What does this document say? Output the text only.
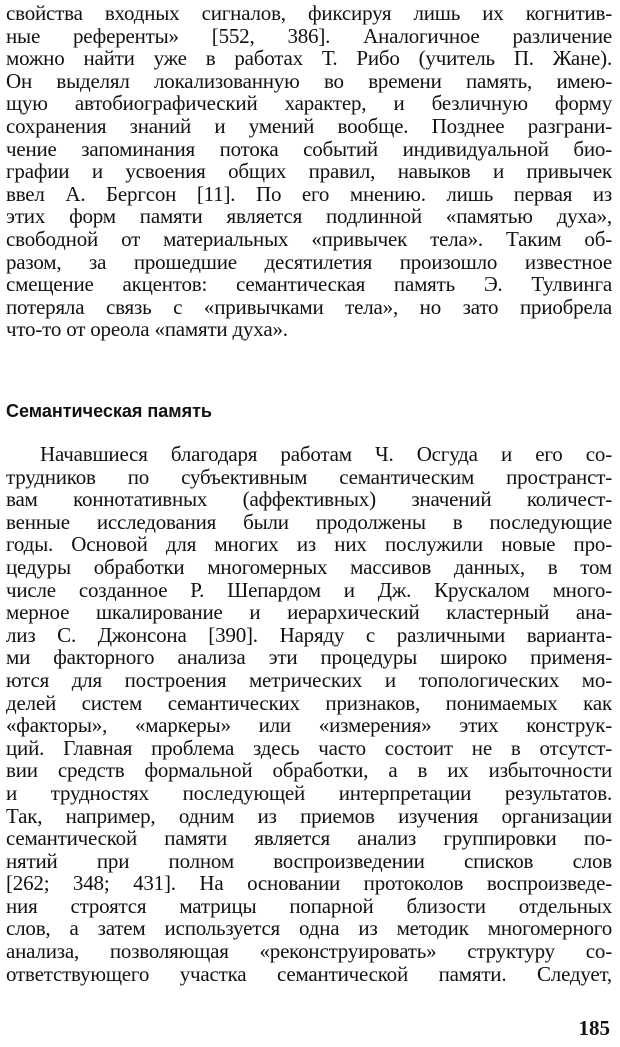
свойства входных сигналов, фиксируя лишь их когнитив-
ные референты» [552, 386]. Аналогичное различение
можно найти уже в работах Т. Рибо (учитель П. Жане).
Он выделял локализованную во времени память, имею-
щую автобиографический характер, и безличную форму
сохранения знаний и умений вообще. Позднее разграни-
чение запоминания потока событий индивидуальной био-
графии и усвоения общих правил, навыков и привычек
ввел А. Бергсон [11]. По его мнению. лишь первая из
этих форм памяти является подлинной «памятью духа»,
свободной от материальных «привычек тела». Таким об-
разом, за прошедшие десятилетия произошло известное
смещение акцентов: семантическая память Э. Тулвинга
потеряла связь с «привычками тела», но зато приобрела
что-то от ореола «памяти духа».
Семантическая память
Начавшиеся благодаря работам Ч. Осгуда и его со-
трудников по субъективным семантическим пространст-
вам коннотативных (аффективных) значений количест-
венные исследования были продолжены в последующие
годы. Основой для многих из них послужили новые про-
цедуры обработки многомерных массивов данных, в том
числе созданное Р. Шепардом и Дж. Крускалом много-
мерное шкалирование и иерархический кластерный ана-
лиз С. Джонсона [390]. Наряду с различными варианта-
ми факторного анализа эти процедуры широко применя-
ются для построения метрических и топологических мо-
делей систем семантических признаков, понимаемых как
«факторы», «маркеры» или «измерения» этих конструк-
ций. Главная проблема здесь часто состоит не в отсутст-
вии средств формальной обработки, а в их избыточности
и трудностях последующей интерпретации результатов.
Так, например, одним из приемов изучения организации
семантической памяти является анализ группировки по-
нятий при полном воспроизведении списков слов
[262; 348; 431]. На основании протоколов воспроизведе-
ния строятся матрицы попарной близости отдельных
слов, а затем используется одна из методик многомерного
анализа, позволяющая «реконструировать» структуру со-
ответствующего участка семантической памяти. Следует,
185
